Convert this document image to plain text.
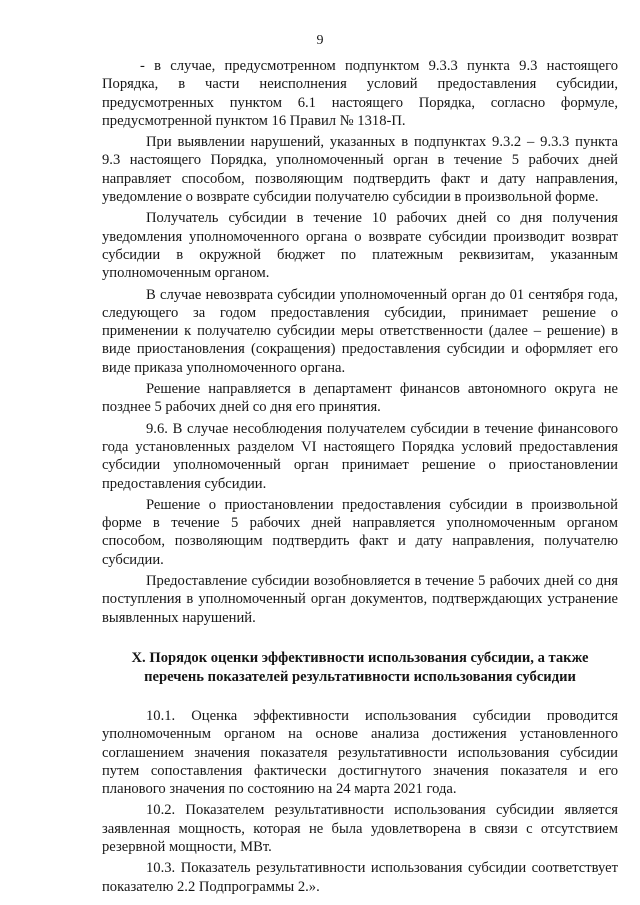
9

- в случае, предусмотренном подпунктом 9.3.3 пункта 9.3 настоящего Порядка, в части неисполнения условий предоставления субсидии, предусмотренных пунктом 6.1 настоящего Порядка, согласно формуле, предусмотренной пунктом 16 Правил № 1318-П.

При выявлении нарушений, указанных в подпунктах 9.3.2 – 9.3.3 пункта 9.3 настоящего Порядка, уполномоченный орган в течение 5 рабочих дней направляет способом, позволяющим подтвердить факт и дату направления, уведомление о возврате субсидии получателю субсидии в произвольной форме.

Получатель субсидии в течение 10 рабочих дней со дня получения уведомления уполномоченного органа о возврате субсидии производит возврат субсидии в окружной бюджет по платежным реквизитам, указанным уполномоченным органом.

В случае невозврата субсидии уполномоченный орган до 01 сентября года, следующего за годом предоставления субсидии, принимает решение о применении к получателю субсидии меры ответственности (далее – решение) в виде приостановления (сокращения) предоставления субсидии и оформляет его виде приказа уполномоченного органа.

Решение направляется в департамент финансов автономного округа не позднее 5 рабочих дней со дня его принятия.

9.6. В случае несоблюдения получателем субсидии в течение финансового года установленных разделом VI настоящего Порядка условий предоставления субсидии уполномоченный орган принимает решение о приостановлении предоставления субсидии.

Решение о приостановлении предоставления субсидии в произвольной форме в течение 5 рабочих дней направляется уполномоченным органом способом, позволяющим подтвердить факт и дату направления, получателю субсидии.

Предоставление субсидии возобновляется в течение 5 рабочих дней со дня поступления в уполномоченный орган документов, подтверждающих устранение выявленных нарушений.

X. Порядок оценки эффективности использования субсидии, а также перечень показателей результативности использования субсидии

10.1. Оценка эффективности использования субсидии проводится уполномоченным органом на основе анализа достижения установленного соглашением значения показателя результативности использования субсидии путем сопоставления фактически достигнутого значения показателя и его планового значения по состоянию на 24 марта 2021 года.

10.2. Показателем результативности использования субсидии является заявленная мощность, которая не была удовлетворена в связи с отсутствием резервной мощности, МВт.

10.3. Показатель результативности использования субсидии соответствует показателю 2.2 Подпрограммы 2.».
